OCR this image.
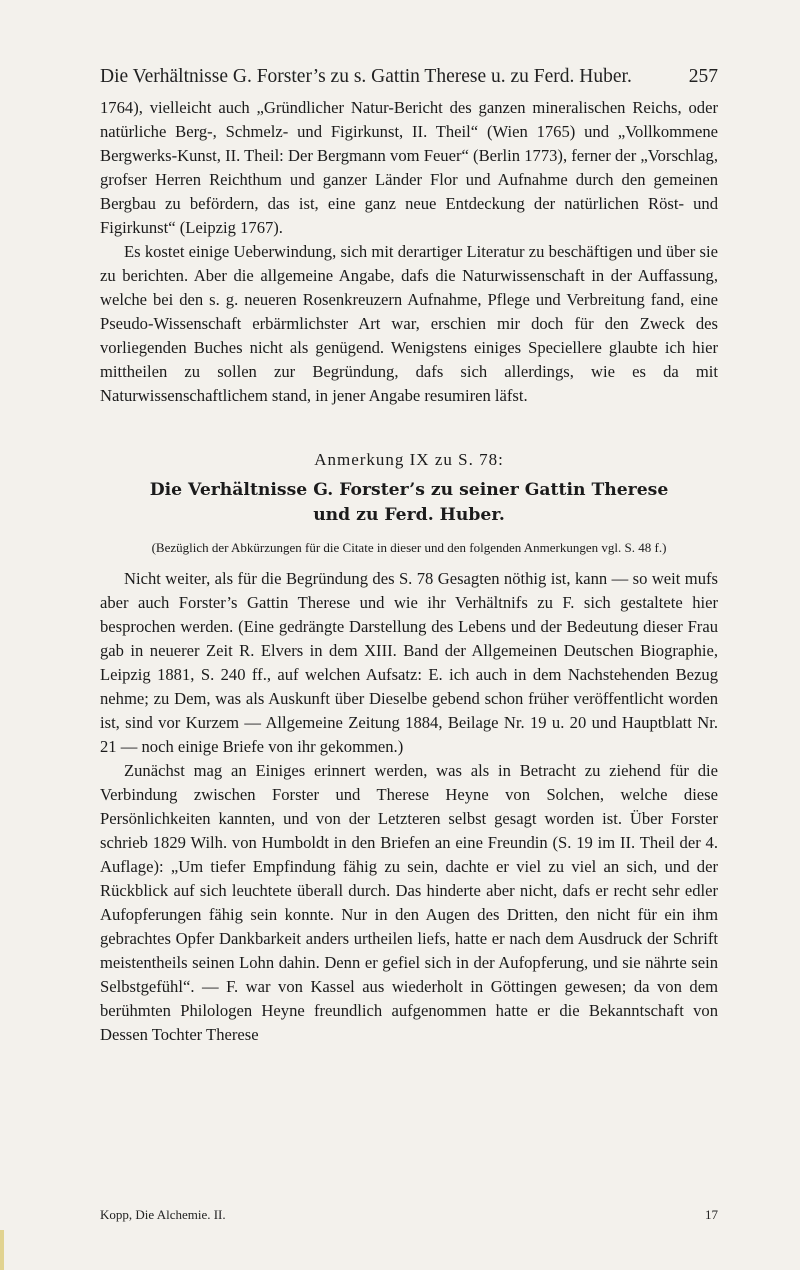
Die Verhältnisse G. Forster’s zu s. Gattin Therese u. zu Ferd. Huber.	257

1764), vielleicht auch „Gründlicher Natur-Bericht des ganzen mineralischen Reichs, oder natürliche Berg-, Schmelz- und Figirkunst, II. Theil“ (Wien 1765) und „Vollkommene Bergwerks-Kunst, II. Theil: Der Bergmann vom Feuer“ (Berlin 1773), ferner der „Vorschlag, grofser Herren Reichthum und ganzer Länder Flor und Aufnahme durch den gemeinen Bergbau zu befördern, das ist, eine ganz neue Entdeckung der natürlichen Röst- und Figirkunst“ (Leipzig 1767).

Es kostet einige Ueberwindung, sich mit derartiger Literatur zu beschäftigen und über sie zu berichten. Aber die allgemeine Angabe, dafs die Naturwissenschaft in der Auffassung, welche bei den s. g. neueren Rosenkreuzern Aufnahme, Pflege und Verbreitung fand, eine Pseudo-Wissenschaft erbärmlichster Art war, erschien mir doch für den Zweck des vorliegenden Buches nicht als genügend. Wenigstens einiges Speciellere glaubte ich hier mittheilen zu sollen zur Begründung, dafs sich allerdings, wie es da mit Naturwissenschaftlichem stand, in jener Angabe resumiren läfst.

Anmerkung IX zu S. 78:
Die Verhältnisse G. Forster’s zu seiner Gattin Therese
und zu Ferd. Huber.
(Bezüglich der Abkürzungen für die Citate in dieser und den folgenden Anmerkungen vgl. S. 48 f.)

Nicht weiter, als für die Begründung des S. 78 Gesagten nöthig ist, kann — so weit mufs aber auch Forster’s Gattin Therese und wie ihr Verhältnifs zu F. sich gestaltete hier besprochen werden. (Eine gedrängte Darstellung des Lebens und der Bedeutung dieser Frau gab in neuerer Zeit R. Elvers in dem XIII. Band der Allgemeinen Deutschen Biographie, Leipzig 1881, S. 240 ff., auf welchen Aufsatz: E. ich auch in dem Nachstehenden Bezug nehme; zu Dem, was als Auskunft über Dieselbe gebend schon früher veröffentlicht worden ist, sind vor Kurzem — Allgemeine Zeitung 1884, Beilage Nr. 19 u. 20 und Hauptblatt Nr. 21 — noch einige Briefe von ihr gekommen.)

Zunächst mag an Einiges erinnert werden, was als in Betracht zu ziehend für die Verbindung zwischen Forster und Therese Heyne von Solchen, welche diese Persönlichkeiten kannten, und von der Letzteren selbst gesagt worden ist. Über Forster schrieb 1829 Wilh. von Humboldt in den Briefen an eine Freundin (S. 19 im II. Theil der 4. Auflage): „Um tiefer Empfindung fähig zu sein, dachte er viel zu viel an sich, und der Rückblick auf sich leuchtete überall durch. Das hinderte aber nicht, dafs er recht sehr edler Aufopferungen fähig sein konnte. Nur in den Augen des Dritten, den nicht für ein ihm gebrachtes Opfer Dankbarkeit anders urtheilen liefs, hatte er nach dem Ausdruck der Schrift meistentheils seinen Lohn dahin. Denn er gefiel sich in der Aufopferung, und sie nährte sein Selbstgefühl“. — F. war von Kassel aus wiederholt in Göttingen gewesen; da von dem berühmten Philologen Heyne freundlich aufgenommen hatte er die Bekanntschaft von Dessen Tochter Therese

Kopp, Die Alchemie. II.	17
